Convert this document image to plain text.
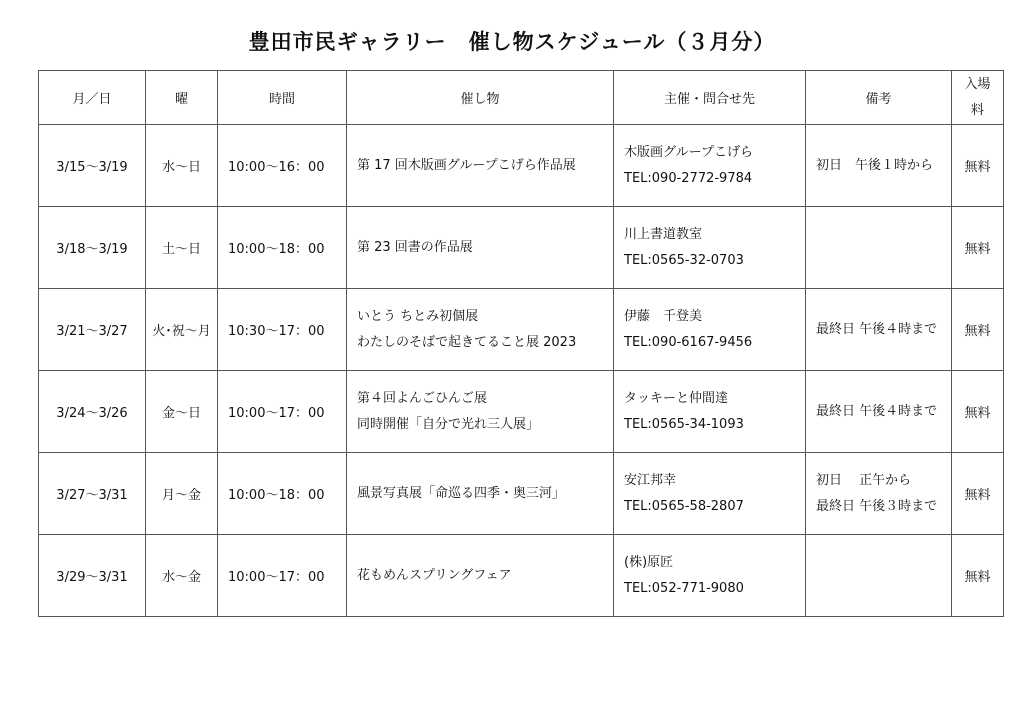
豊田市民ギャラリー　催し物スケジュール（３月分）
月／日	曜	時間	催し物	主催・問合せ先	備考	入場
料

3/15～3/19	水～日	10:00～16：00	第 17 回木版画グループこげら作品展	木版画グループこげら
TEL:090-2772-9784	初日　午後１時から	無料
3/18～3/19	土～日	10:00～18：00	第 23 回書の作品展	川上書道教室
TEL:0565-32-0703		無料
3/21～3/27	火･祝～月	10:30～17：00	いとう ちとみ初個展
わたしのそばで起きてること展 2023	伊藤　千登美
TEL:090-6167-9456	最終日 午後４時まで	無料
3/24～3/26	金～日	10:00～17：00	第４回よんごひんご展
同時開催「自分で光れ三人展」	タッキーと仲間達
TEL:0565-34-1093	最終日 午後４時まで	無料
3/27～3/31	月～金	10:00～18：00	風景写真展「命巡る四季・奥三河」	安江邦幸
TEL:0565-58-2807	初日　 正午から
最終日 午後３時まで	無料
3/29～3/31	水～金	10:00～17：00	花もめんスプリングフェア	(株)原匠
TEL:052-771-9080		無料
